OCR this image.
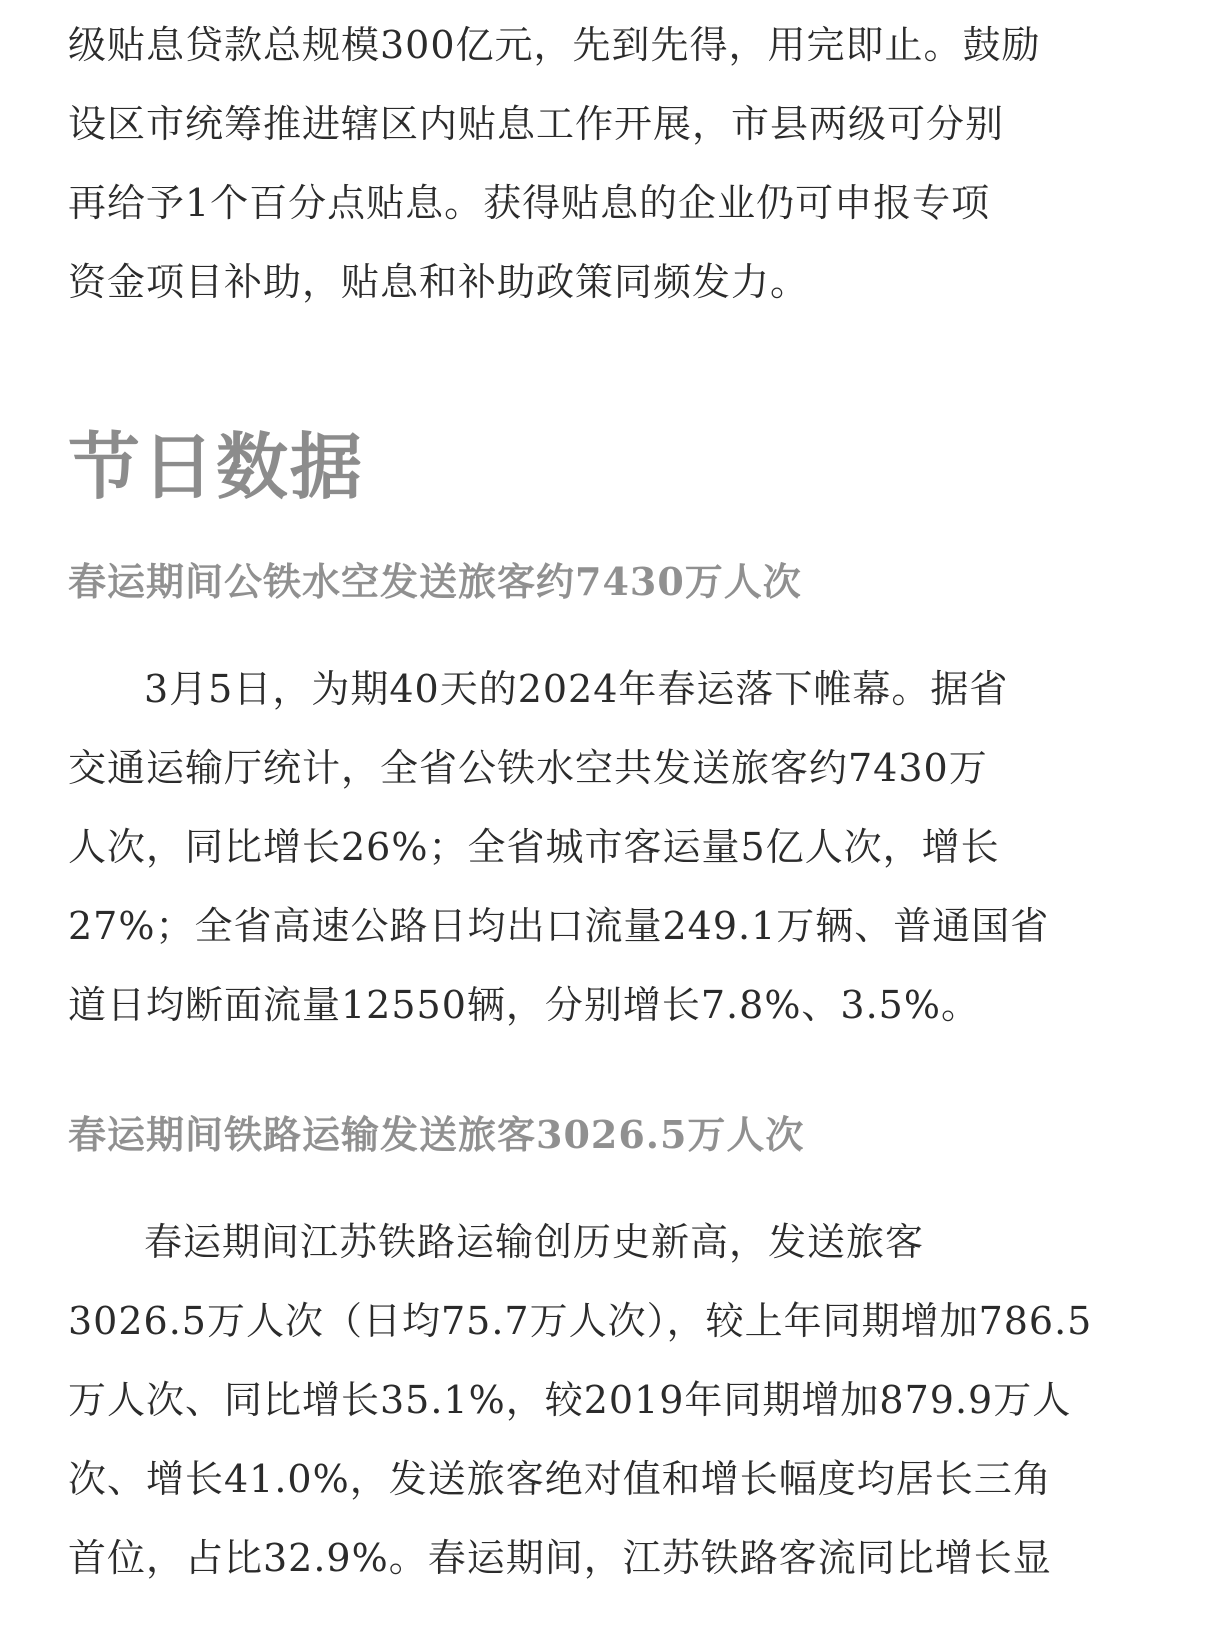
级贴息贷款总规模300亿元，先到先得，用完即止。鼓励
设区市统筹推进辖区内贴息工作开展，市县两级可分别
再给予1个百分点贴息。获得贴息的企业仍可申报专项
资金项目补助，贴息和补助政策同频发力。
节日数据
春运期间公铁水空发送旅客约7430万人次
3月5日，为期40天的2024年春运落下帷幕。据省
交通运输厅统计，全省公铁水空共发送旅客约7430万
人次，同比增长26%；全省城市客运量5亿人次，增长
27%；全省高速公路日均出口流量249.1万辆、普通国省
道日均断面流量12550辆，分别增长7.8%、3.5%。
春运期间铁路运输发送旅客3026.5万人次
春运期间江苏铁路运输创历史新高，发送旅客
3026.5万人次（日均75.7万人次），较上年同期增加786.5
万人次、同比增长35.1%，较2019年同期增加879.9万人
次、增长41.0%，发送旅客绝对值和增长幅度均居长三角
首位，占比32.9%。春运期间，江苏铁路客流同比增长显
